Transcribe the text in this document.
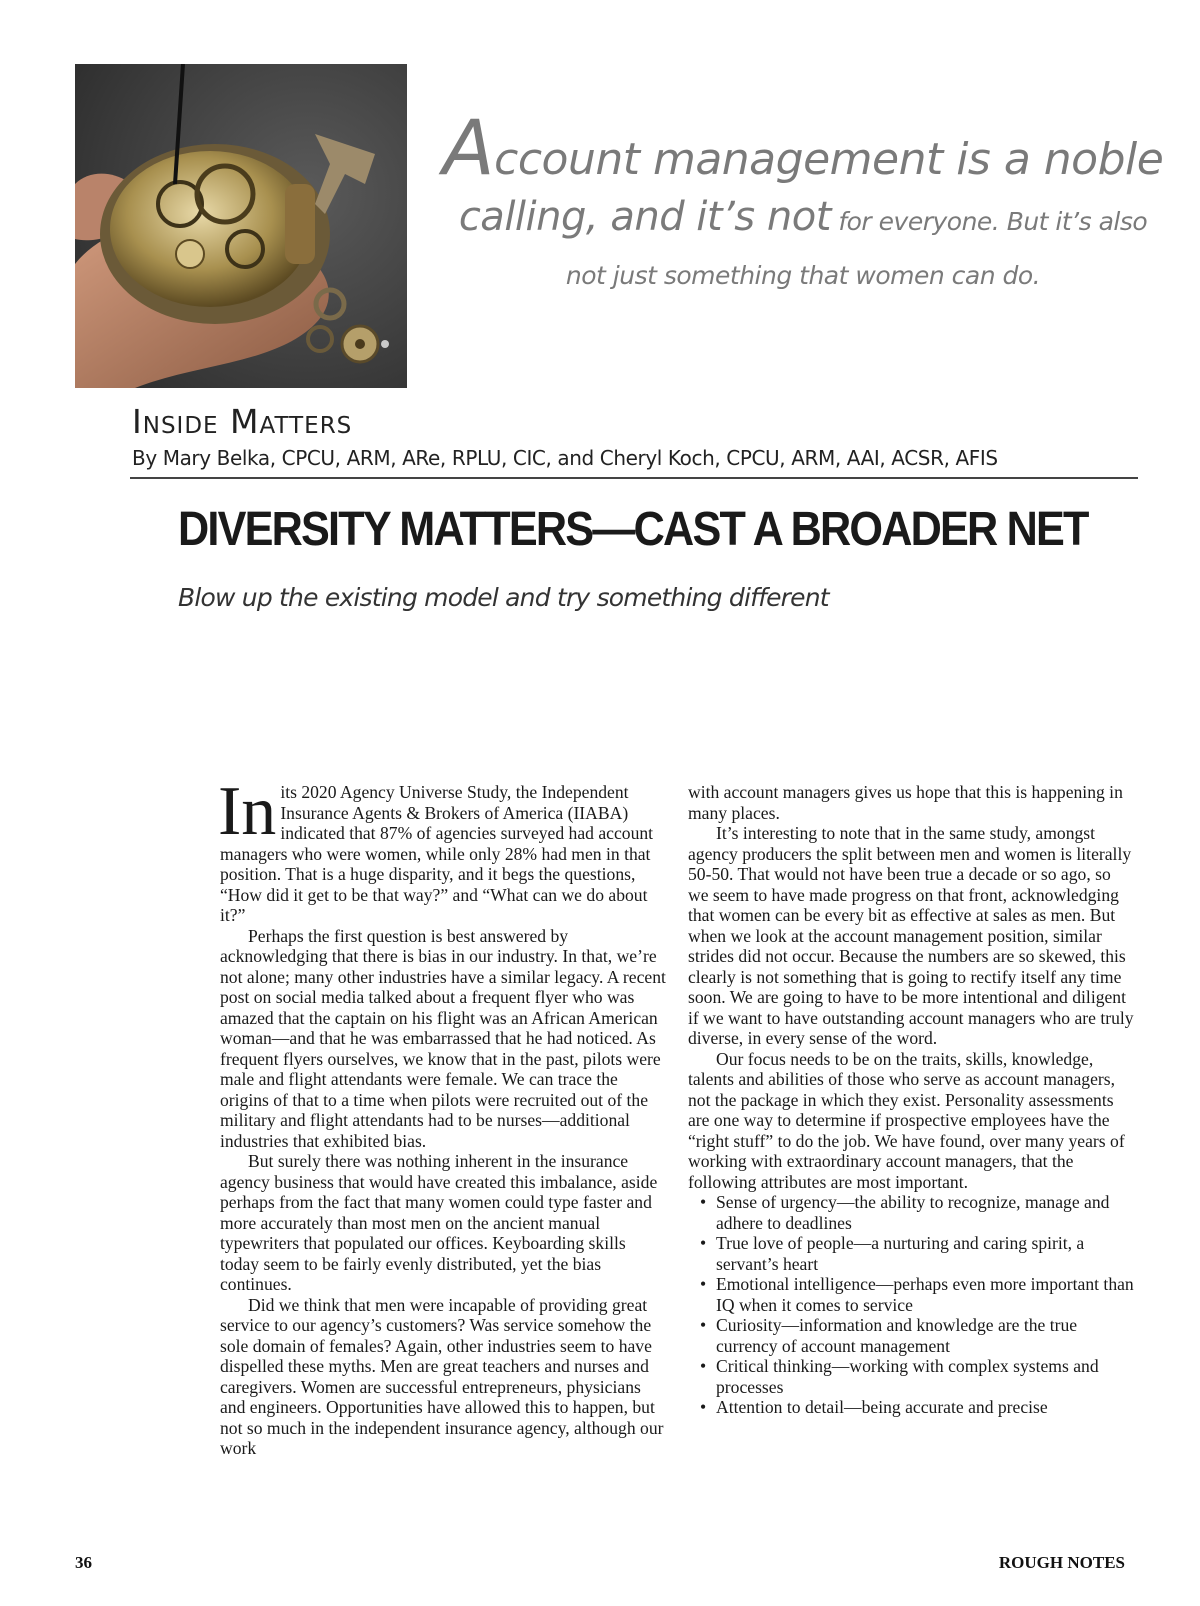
Account management is a noble
calling, and it’s not for everyone. But it’s also
not just something that women can do.
Inside Matters
By Mary Belka, CPCU, ARM, ARe, RPLU, CIC, and Cheryl Koch, CPCU, ARM, AAI, ACSR, AFIS
DIVERSITY MATTERS—CAST A BROADER NET
Blow up the existing model and try something different

In its 2020 Agency Universe Study, the Independent Insurance Agents & Brokers of America (IIABA) indicated that 87% of agencies surveyed had account managers who were women, while only 28% had men in that position. That is a huge disparity, and it begs the questions, “How did it get to be that way?” and “What can we do about it?”

Perhaps the first question is best answered by acknowledging that there is bias in our industry. In that, we’re not alone; many other industries have a similar legacy. A recent post on social media talked about a frequent flyer who was amazed that the captain on his flight was an African American woman—and that he was embarrassed that he had noticed. As frequent flyers ourselves, we know that in the past, pilots were male and flight attendants were female. We can trace the origins of that to a time when pilots were recruited out of the military and flight attendants had to be nurses—additional industries that exhibited bias.

But surely there was nothing inherent in the insurance agency business that would have created this imbalance, aside perhaps from the fact that many women could type faster and more accurately than most men on the ancient manual typewriters that populated our offices. Keyboarding skills today seem to be fairly evenly distributed, yet the bias continues.

Did we think that men were incapable of providing great service to our agency’s customers? Was service somehow the sole domain of females? Again, other industries seem to have dispelled these myths. Men are great teachers and nurses and caregivers. Women are successful entrepreneurs, physicians and engineers. Opportunities have allowed this to happen, but not so much in the independent insurance agency, although our work

with account managers gives us hope that this is happening in many places.

It’s interesting to note that in the same study, amongst agency producers the split between men and women is literally 50-50. That would not have been true a decade or so ago, so we seem to have made progress on that front, acknowledging that women can be every bit as effective at sales as men. But when we look at the account management position, similar strides did not occur. Because the numbers are so skewed, this clearly is not something that is going to rectify itself any time soon. We are going to have to be more intentional and diligent if we want to have outstanding account managers who are truly diverse, in every sense of the word.

Our focus needs to be on the traits, skills, knowledge, talents and abilities of those who serve as account managers, not the package in which they exist. Personality assessments are one way to determine if prospective employees have the “right stuff” to do the job. We have found, over many years of working with extraordinary account managers, that the following attributes are most important.

• Sense of urgency—the ability to recognize, manage and adhere to deadlines
• True love of people—a nurturing and caring spirit, a servant’s heart
• Emotional intelligence—perhaps even more important than IQ when it comes to service
• Curiosity—information and knowledge are the true currency of account management
• Critical thinking—working with complex systems and processes
• Attention to detail—being accurate and precise
36	ROUGH NOTES
